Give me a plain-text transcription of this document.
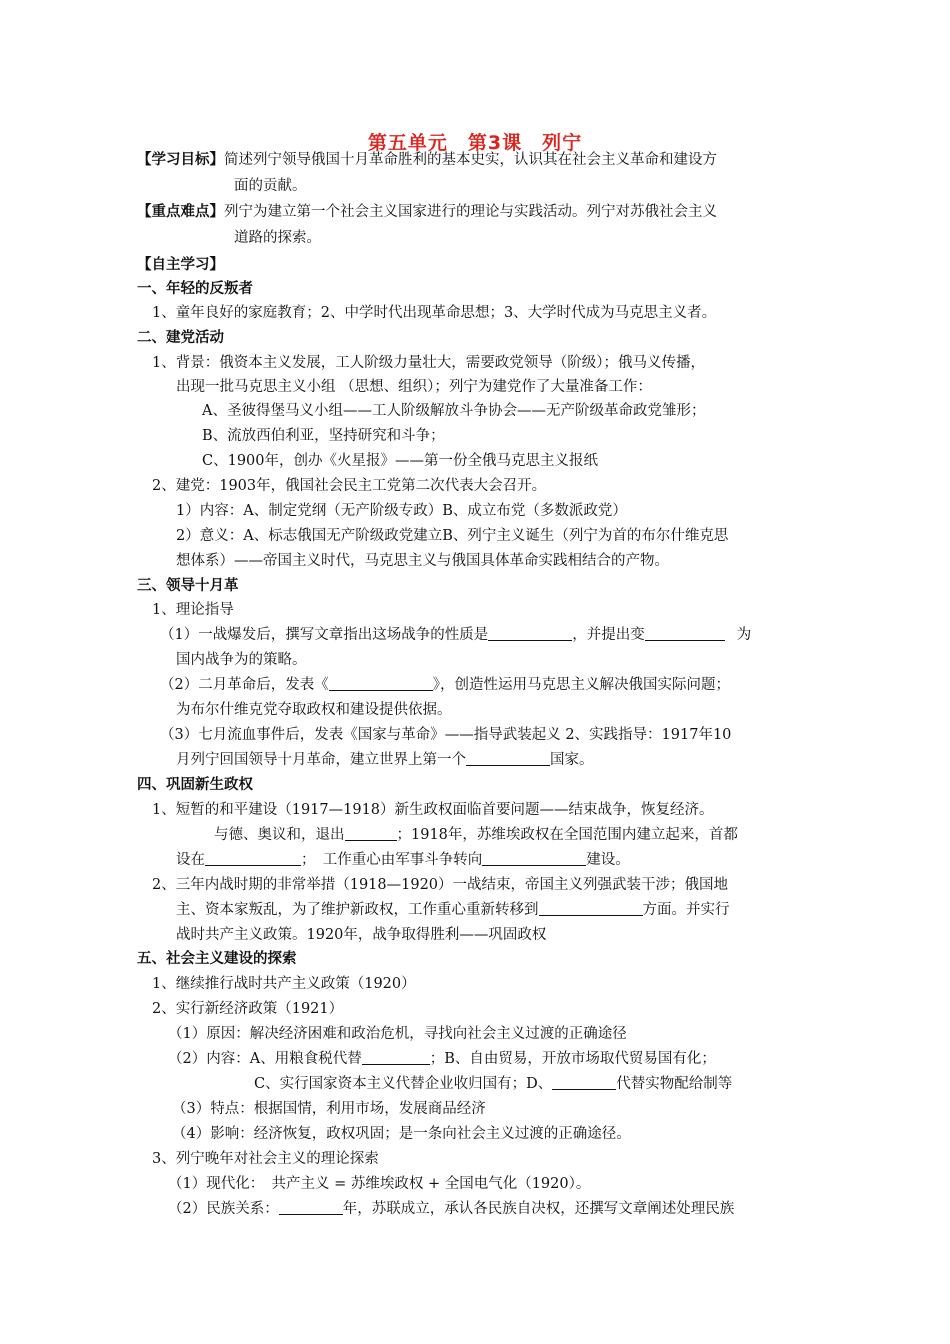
第五单元　第3课　列宁
【学习目标】简述列宁领导俄国十月革命胜利的基本史实，认识其在社会主义革命和建设方
面的贡献。
【重点难点】列宁为建立第一个社会主义国家进行的理论与实践活动。列宁对苏俄社会主义
道路的探索。
【自主学习】
一、年轻的反叛者
1、童年良好的家庭教育；2、中学时代出现革命思想；3、大学时代成为马克思主义者。
二、建党活动
1、背景：俄资本主义发展，工人阶级力量壮大，需要政党领导（阶级）；俄马义传播，
出现一批马克思主义小组 （思想、组织）；列宁为建党作了大量准备工作：
A、圣彼得堡马义小组——工人阶级解放斗争协会——无产阶级革命政党雏形；
B、流放西伯利亚，坚持研究和斗争；
C、1900年，创办《火星报》——第一份全俄马克思主义报纸
2、建党：1903年，俄国社会民主工党第二次代表大会召开。
1）内容：A、制定党纲（无产阶级专政）B、成立布党（多数派政党）
2）意义：A、标志俄国无产阶级政党建立B、列宁主义诞生（列宁为首的布尔什维克思
想体系）——帝国主义时代，马克思主义与俄国具体革命实践相结合的产物。
三、领导十月革
1、理论指导
（1）一战爆发后，撰写文章指出这场战争的性质是	，并提出变	为
国内战争为的策略。
（2）二月革命后，发表《	》，创造性运用马克思主义解决俄国实际问题；
为布尔什维克党夺取政权和建设提供依据。
（3）七月流血事件后，发表《国家与革命》——指导武装起义 2、实践指导：1917年10
月列宁回国领导十月革命，建立世界上第一个	国家。
四、巩固新生政权
1、短暂的和平建设（1917—1918）新生政权面临首要问题——结束战争，恢复经济。
与德、奥议和，退出	；1918年，苏维埃政权在全国范围内建立起来，首都
设在	；　工作重心由军事斗争转向	建设。
2、三年内战时期的非常举措（1918—1920）一战结束，帝国主义列强武装干涉；俄国地
主、资本家叛乱，为了维护新政权，工作重心重新转移到	方面。并实行
战时共产主义政策。1920年，战争取得胜利——巩固政权
五、社会主义建设的探索
1、继续推行战时共产主义政策（1920）
2、实行新经济政策（1921）
（1）原因：解决经济困难和政治危机，寻找向社会主义过渡的正确途径
（2）内容：A、用粮食税代替	；B、自由贸易，开放市场取代贸易国有化；
C、实行国家资本主义代替企业收归国有；D、	代替实物配给制等
（3）特点：根据国情，利用市场，发展商品经济
（4）影响：经济恢复，政权巩固；是一条向社会主义过渡的正确途径。
3、列宁晚年对社会主义的理论探索
（1）现代化：　共产主义 = 苏维埃政权 + 全国电气化（1920）。
（2）民族关系：	年，苏联成立，承认各民族自决权，还撰写文章阐述处理民族
